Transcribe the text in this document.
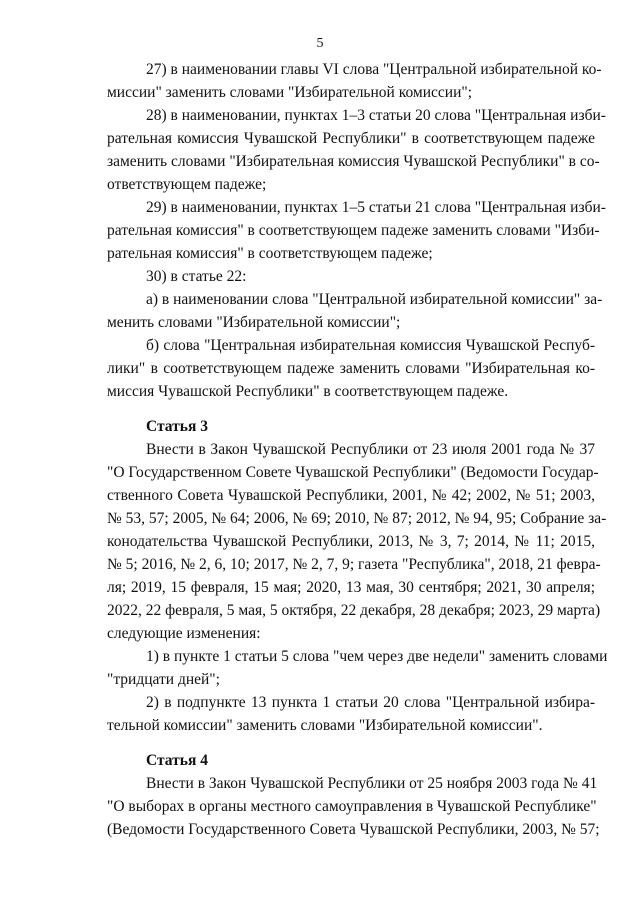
5
27) в наименовании главы VI слова "Центральной избирательной ко-
миссии" заменить словами "Избирательной комиссии";
28) в наименовании, пунктах 1–3 статьи 20 слова "Центральная изби-
рательная комиссия Чувашской Республики" в соответствующем падеже
заменить словами "Избирательная комиссия Чувашской Республики" в со-
ответствующем падеже;
29) в наименовании, пунктах 1–5 статьи 21 слова "Центральная изби-
рательная комиссия" в соответствующем падеже заменить словами "Изби-
рательная комиссия" в соответствующем падеже;
30) в статье 22:
а) в наименовании слова "Центральной избирательной комиссии" за-
менить словами "Избирательной комиссии";
б) слова "Центральная избирательная комиссия Чувашской Респуб-
лики" в соответствующем падеже заменить словами "Избирательная ко-
миссия Чувашской Республики" в соответствующем падеже.
Статья 3
Внести в Закон Чувашской Республики от 23 июля 2001 года № 37
"О Государственном Совете Чувашской Республики" (Ведомости Государ-
ственного Совета Чувашской Республики, 2001, № 42; 2002, № 51; 2003,
№ 53, 57; 2005, № 64; 2006, № 69; 2010, № 87; 2012, № 94, 95; Собрание за-
конодательства Чувашской Республики, 2013, № 3, 7; 2014, № 11; 2015,
№ 5; 2016, № 2, 6, 10; 2017, № 2, 7, 9; газета "Республика", 2018, 21 февра-
ля; 2019, 15 февраля, 15 мая; 2020, 13 мая, 30 сентября; 2021, 30 апреля;
2022, 22 февраля, 5 мая, 5 октября, 22 декабря, 28 декабря; 2023, 29 марта)
следующие изменения:
1) в пункте 1 статьи 5 слова "чем через две недели" заменить словами
"тридцати дней";
2) в подпункте 13 пункта 1 статьи 20 слова "Центральной избира-
тельной комиссии" заменить словами "Избирательной комиссии".
Статья 4
Внести в Закон Чувашской Республики от 25 ноября 2003 года № 41
"О выборах в органы местного самоуправления в Чувашской Республике"
(Ведомости Государственного Совета Чувашской Республики, 2003, № 57;
